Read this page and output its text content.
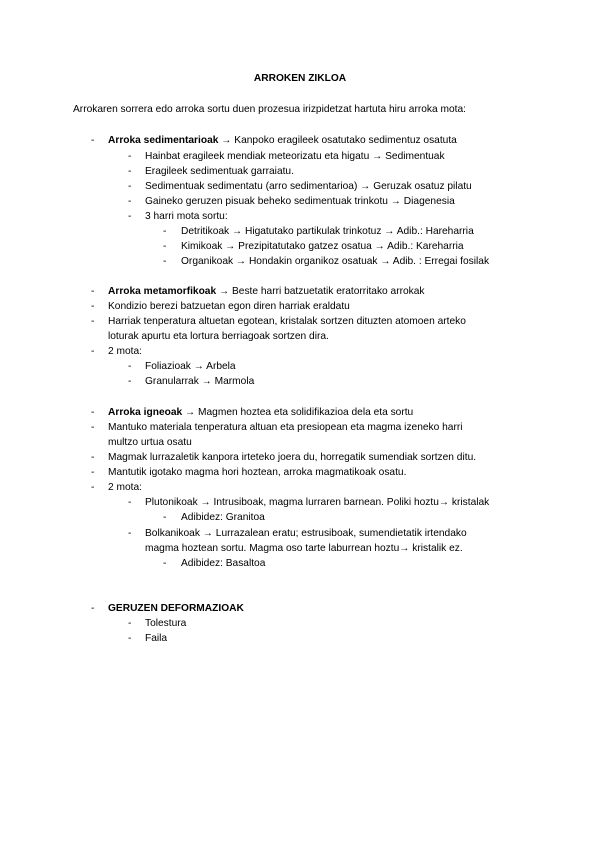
ARROKEN ZIKLOA
Arrokaren sorrera edo arroka sortu duen prozesua irizpidetzat hartuta hiru arroka mota:
-	Arroka sedimentarioak → Kanpoko eragileek osatutako sedimentuz osatuta
-	Hainbat eragileek mendiak meteorizatu eta higatu → Sedimentuak
-	Eragileek sedimentuak garraiatu.
-	Sedimentuak sedimentatu (arro sedimentarioa) → Geruzak osatuz pilatu
-	Gaineko geruzen pisuak beheko sedimentuak trinkotu → Diagenesia
-	3 harri mota sortu:
-	Detritikoak → Higatutako partikulak trinkotuz → Adib.: Hareharria
-	Kimikoak → Prezipitatutako gatzez osatua → Adib.: Kareharria
-	Organikoak → Hondakin organikoz osatuak → Adib. : Erregai fosilak
-	Arroka metamorfikoak → Beste harri batzuetatik eratorritako arrokak
-	Kondizio berezi batzuetan egon diren harriak eraldatu
-	Harriak tenperatura altuetan egotean, kristalak sortzen dituzten atomoen arteko
loturak apurtu eta lortura berriagoak sortzen dira.
-	2 mota:
-	Foliazioak → Arbela
-	Granularrak → Marmola
-	Arroka igneoak → Magmen hoztea eta solidifikazioa dela eta sortu
-	Mantuko materiala tenperatura altuan eta presiopean eta magma izeneko harri
multzo urtua osatu
-	Magmak lurrazaletik kanpora irteteko joera du, horregatik sumendiak sortzen ditu.
-	Mantutik igotako magma hori hoztean, arroka magmatikoak osatu.
-	2 mota:
-	Plutonikoak → Intrusiboak, magma lurraren barnean. Poliki hoztu→ kristalak
-	Adibidez: Granitoa
-	Bolkanikoak → Lurrazalean eratu; estrusiboak, sumendietatik irtendako
magma hoztean sortu. Magma oso tarte laburrean hoztu→ kristalik ez.
-	Adibidez: Basaltoa
-	GERUZEN DEFORMAZIOAK
-	Tolestura
-	Faila
